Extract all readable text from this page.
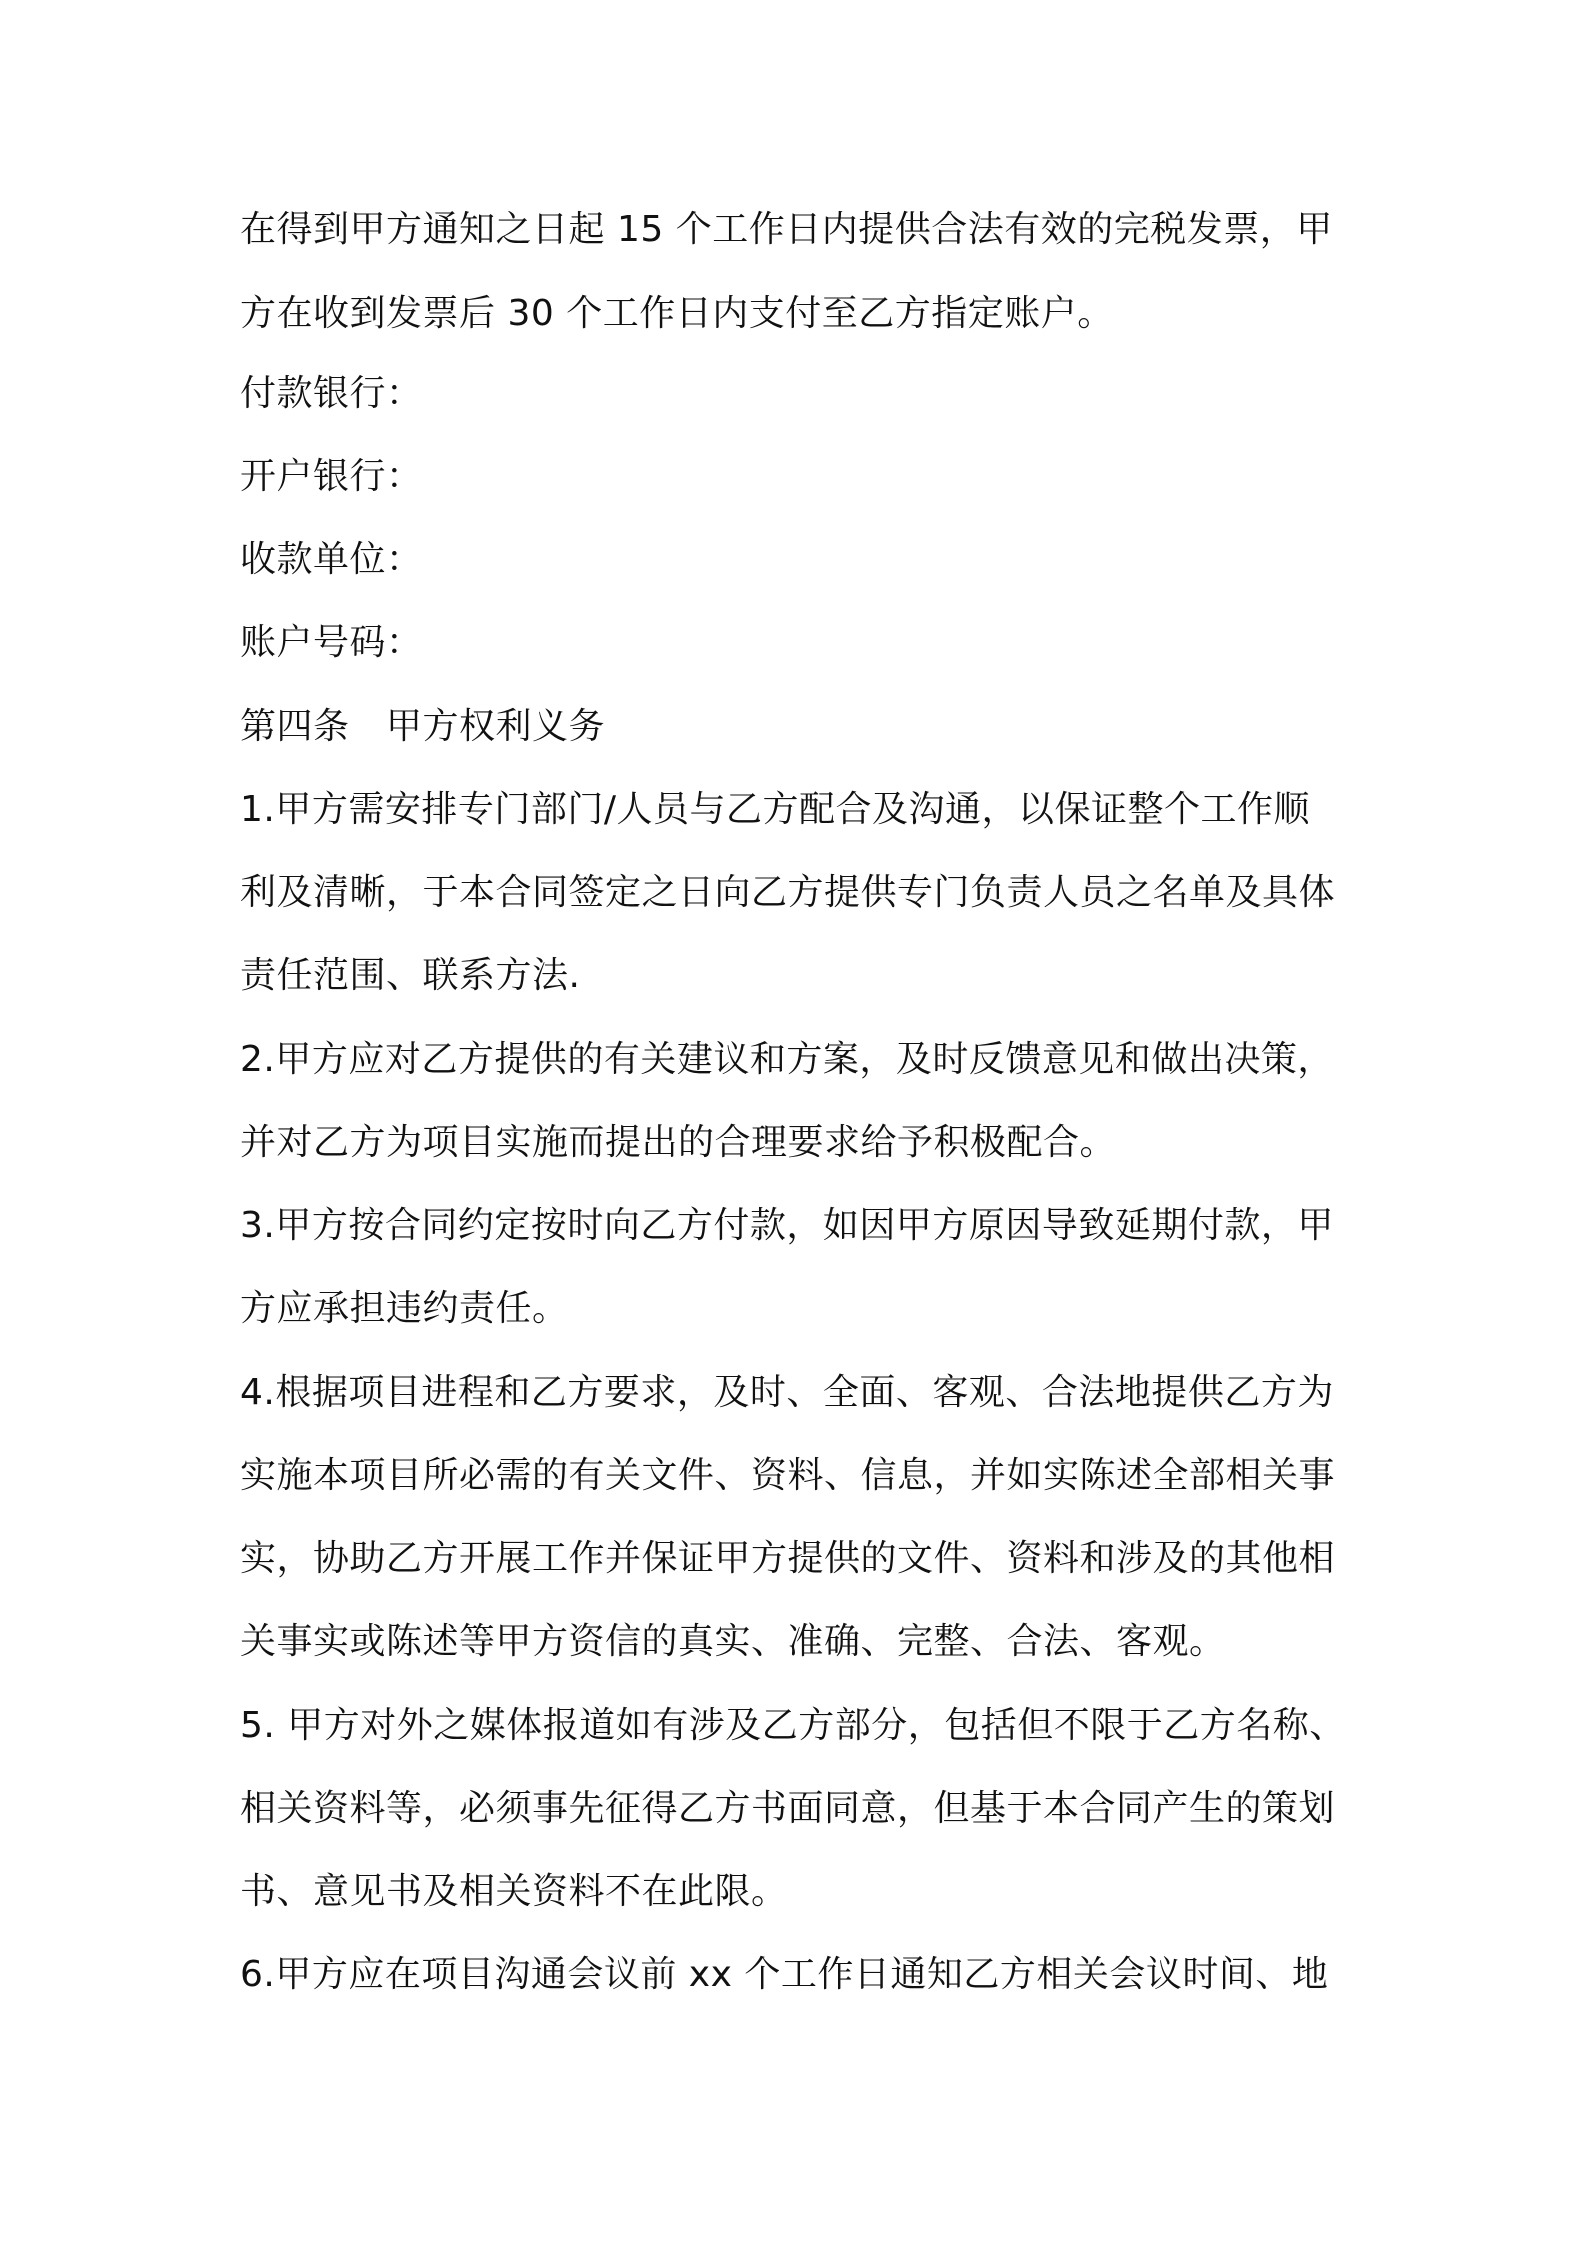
在得到甲方通知之日起 15 个工作日内提供合法有效的完税发票，甲
方在收到发票后 30 个工作日内支付至乙方指定账户。
付款银行：
开户银行：
收款单位：
账户号码：
第四条　甲方权利义务
1.甲方需安排专门部门/人员与乙方配合及沟通，以保证整个工作顺
利及清晰，于本合同签定之日向乙方提供专门负责人员之名单及具体
责任范围、联系方法.
2.甲方应对乙方提供的有关建议和方案，及时反馈意见和做出决策，
并对乙方为项目实施而提出的合理要求给予积极配合。
3.甲方按合同约定按时向乙方付款，如因甲方原因导致延期付款，甲
方应承担违约责任。
4.根据项目进程和乙方要求，及时、全面、客观、合法地提供乙方为
实施本项目所必需的有关文件、资料、信息，并如实陈述全部相关事
实，协助乙方开展工作并保证甲方提供的文件、资料和涉及的其他相
关事实或陈述等甲方资信的真实、准确、完整、合法、客观。
5. 甲方对外之媒体报道如有涉及乙方部分，包括但不限于乙方名称、
相关资料等，必须事先征得乙方书面同意，但基于本合同产生的策划
书、意见书及相关资料不在此限。
6.甲方应在项目沟通会议前 xx 个工作日通知乙方相关会议时间、地
